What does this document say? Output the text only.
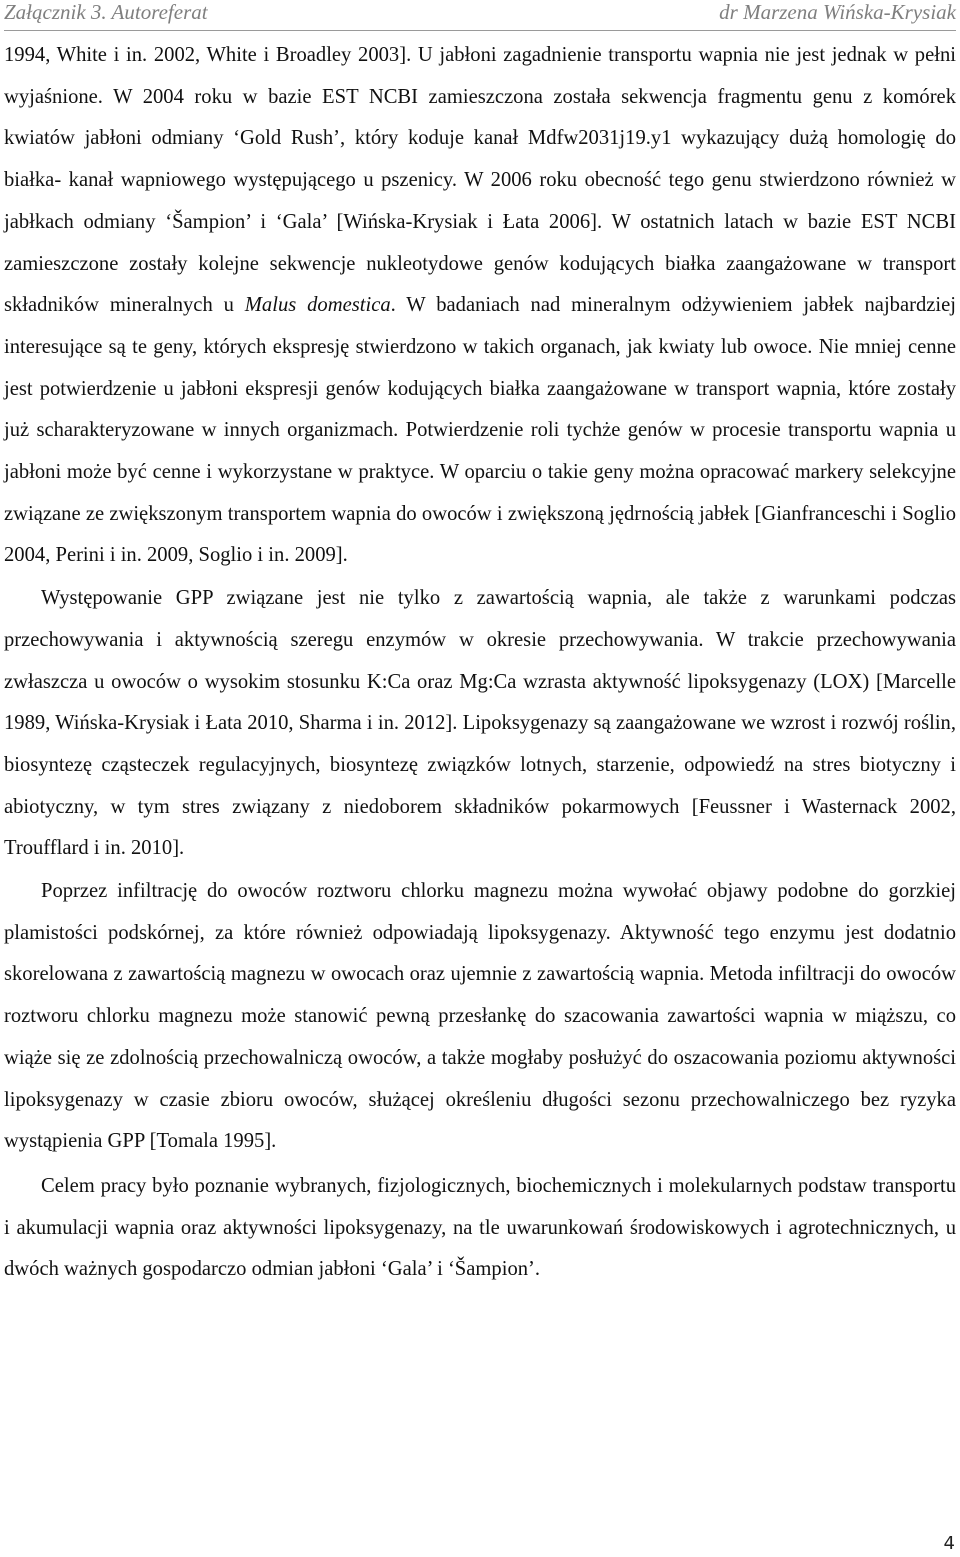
Załącznik 3. Autoreferat	dr Marzena Wińska-Krysiak

1994, White i in. 2002, White i Broadley 2003]. U jabłoni zagadnienie transportu wapnia nie jest jednak w pełni wyjaśnione. W 2004 roku w bazie EST NCBI zamieszczona została sekwencja fragmentu genu z komórek kwiatów jabłoni odmiany ‘Gold Rush’, który koduje kanał Mdfw2031j19.y1 wykazujący dużą homologię do białka- kanał wapniowego występującego u pszenicy. W 2006 roku obecność tego genu stwierdzono również w jabłkach odmiany ‘Šampion’ i ‘Gala’ [Wińska-Krysiak i Łata 2006]. W ostatnich latach w bazie EST NCBI zamieszczone zostały kolejne sekwencje nukleotydowe genów kodujących białka zaangażowane w transport składników mineralnych u Malus domestica. W badaniach nad mineralnym odżywieniem jabłek najbardziej interesujące są te geny, których ekspresję stwierdzono w takich organach, jak kwiaty lub owoce. Nie mniej cenne jest potwierdzenie u jabłoni ekspresji genów kodujących białka zaangażowane w transport wapnia, które zostały już scharakteryzowane w innych organizmach. Potwierdzenie roli tychże genów w procesie transportu wapnia u jabłoni może być cenne i wykorzystane w praktyce. W oparciu o takie geny można opracować markery selekcyjne związane ze zwiększonym transportem wapnia do owoców i zwiększoną jędrnością jabłek [Gianfranceschi i Soglio 2004, Perini i in. 2009, Soglio i in. 2009].

Występowanie GPP związane jest nie tylko z zawartością wapnia, ale także z warunkami podczas przechowywania i aktywnością szeregu enzymów w okresie przechowywania. W trakcie przechowywania zwłaszcza u owoców o wysokim stosunku K:Ca oraz Mg:Ca wzrasta aktywność lipoksygenazy (LOX) [Marcelle 1989, Wińska-Krysiak i Łata 2010, Sharma i in. 2012]. Lipoksygenazy są zaangażowane we wzrost i rozwój roślin, biosyntezę cząsteczek regulacyjnych, biosyntezę związków lotnych, starzenie, odpowiedź na stres biotyczny i abiotyczny, w tym stres związany z niedoborem składników pokarmowych [Feussner i Wasternack 2002, Troufflard i in. 2010].

Poprzez infiltrację do owoców roztworu chlorku magnezu można wywołać objawy podobne do gorzkiej plamistości podskórnej, za które również odpowiadają lipoksygenazy. Aktywność tego enzymu jest dodatnio skorelowana z zawartością magnezu w owocach oraz ujemnie z zawartością wapnia. Metoda infiltracji do owoców roztworu chlorku magnezu może stanowić pewną przesłankę do szacowania zawartości wapnia w miąższu, co wiąże się ze zdolnością przechowalniczą owoców, a także mogłaby posłużyć do oszacowania poziomu aktywności lipoksygenazy w czasie zbioru owoców, służącej określeniu długości sezonu przechowalniczego bez ryzyka wystąpienia GPP [Tomala 1995].

Celem pracy było poznanie wybranych, fizjologicznych, biochemicznych i molekularnych podstaw transportu i akumulacji wapnia oraz aktywności lipoksygenazy, na tle uwarunkowań środowiskowych i agrotechnicznych, u dwóch ważnych gospodarczo odmian jabłoni ‘Gala’ i ‘Šampion’.

4
